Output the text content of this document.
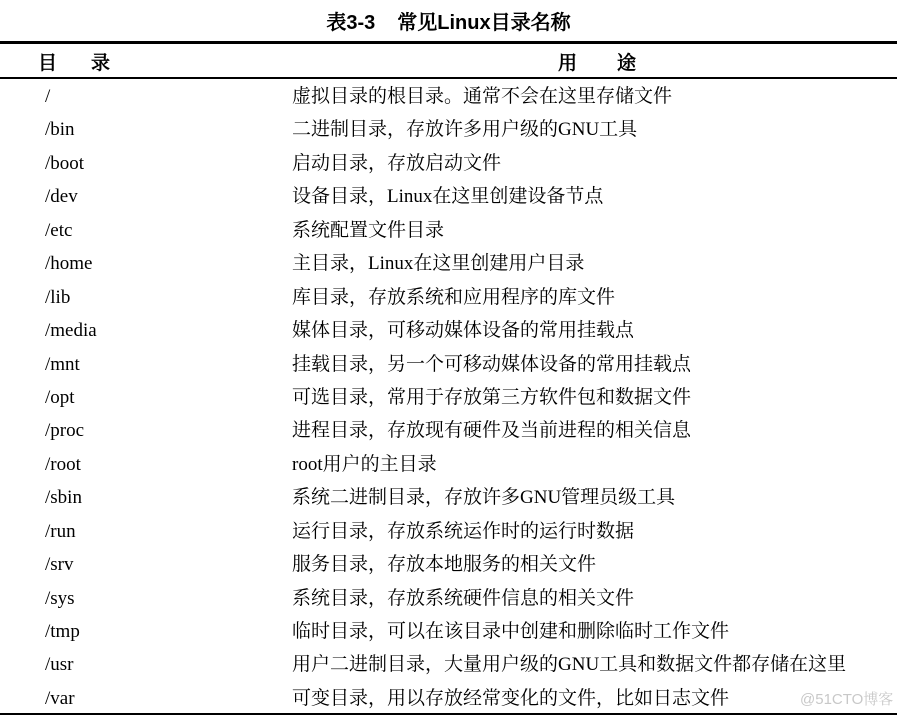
表3-3 常见Linux目录名称
目 录	用 途
/	虚拟目录的根目录。通常不会在这里存储文件
/bin	二进制目录，存放许多用户级的GNU工具
/boot	启动目录，存放启动文件
/dev	设备目录，Linux在这里创建设备节点
/etc	系统配置文件目录
/home	主目录，Linux在这里创建用户目录
/lib	库目录，存放系统和应用程序的库文件
/media	媒体目录，可移动媒体设备的常用挂载点
/mnt	挂载目录，另一个可移动媒体设备的常用挂载点
/opt	可选目录，常用于存放第三方软件包和数据文件
/proc	进程目录，存放现有硬件及当前进程的相关信息
/root	root用户的主目录
/sbin	系统二进制目录，存放许多GNU管理员级工具
/run	运行目录，存放系统运作时的运行时数据
/srv	服务目录，存放本地服务的相关文件
/sys	系统目录，存放系统硬件信息的相关文件
/tmp	临时目录，可以在该目录中创建和删除临时工作文件
/usr	用户二进制目录，大量用户级的GNU工具和数据文件都存储在这里
/var	可变目录，用以存放经常变化的文件，比如日志文件	@51CTO博客
